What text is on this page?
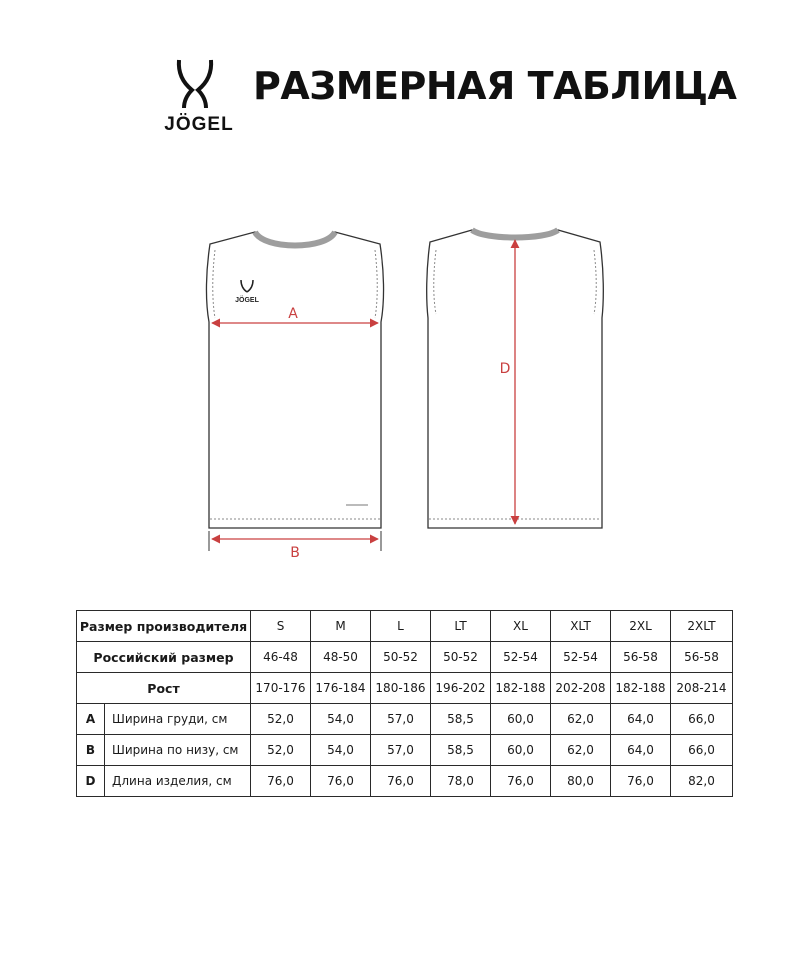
JÖGEL
РАЗМЕРНАЯ ТАБЛИЦА
JÖGEL
A
B
D
Размер производителя		S	M	L	LT	XL	XLT	2XL	2XLT
Российский размер		46-48	48-50	50-52	50-52	52-54	52-54	56-58	56-58
Рост		170-176	176-184	180-186	196-202	182-188	202-208	182-188	208-214
A	Ширина груди, см	52,0	54,0	57,0	58,5	60,0	62,0	64,0	66,0
B	Ширина по низу, см	52,0	54,0	57,0	58,5	60,0	62,0	64,0	66,0
D	Длина изделия, см	76,0	76,0	76,0	78,0	76,0	80,0	76,0	82,0
